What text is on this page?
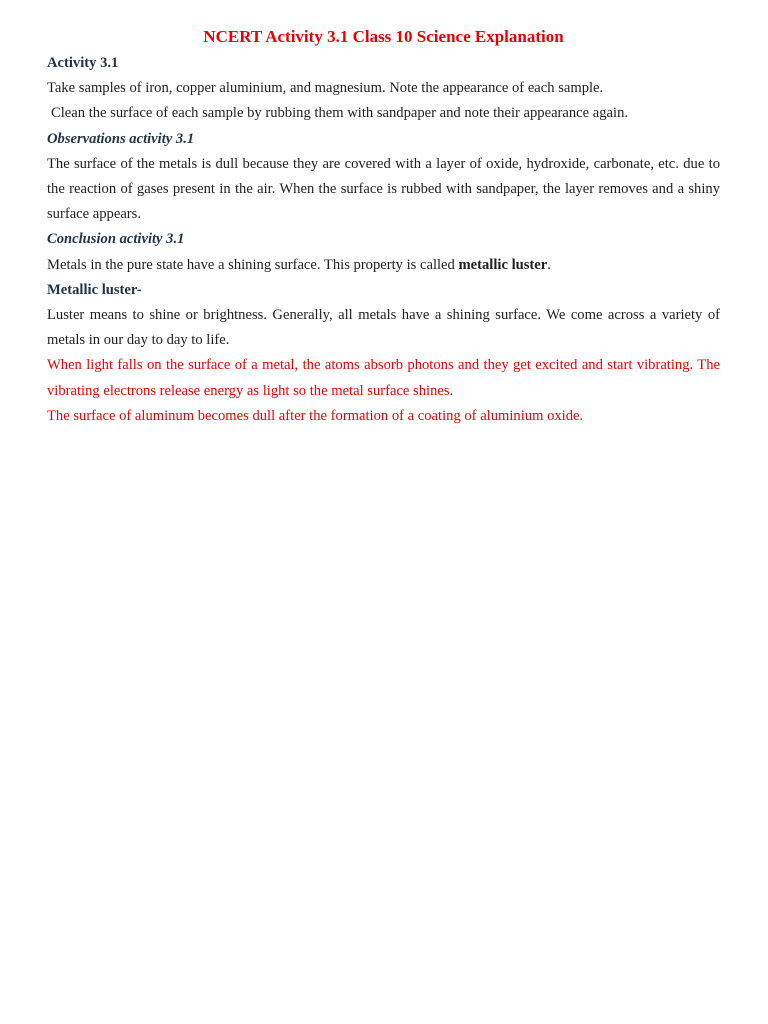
NCERT Activity 3.1 Class 10 Science Explanation

Activity 3.1

Take samples of iron, copper aluminium, and magnesium. Note the appearance of each sample.

Clean the surface of each sample by rubbing them with sandpaper and note their appearance again.

Observations activity 3.1

The surface of the metals is dull because they are covered with a layer of oxide, hydroxide, carbonate, etc. due to the reaction of gases present in the air. When the surface is rubbed with sandpaper, the layer removes and a shiny surface appears.

Conclusion activity 3.1

Metals in the pure state have a shining surface. This property is called metallic luster.

Metallic luster-

Luster means to shine or brightness. Generally, all metals have a shining surface. We come across a variety of metals in our day to day to life.

When light falls on the surface of a metal, the atoms absorb photons and they get excited and start vibrating. The vibrating electrons release energy as light so the metal surface shines.

The surface of aluminum becomes dull after the formation of a coating of aluminium oxide.
